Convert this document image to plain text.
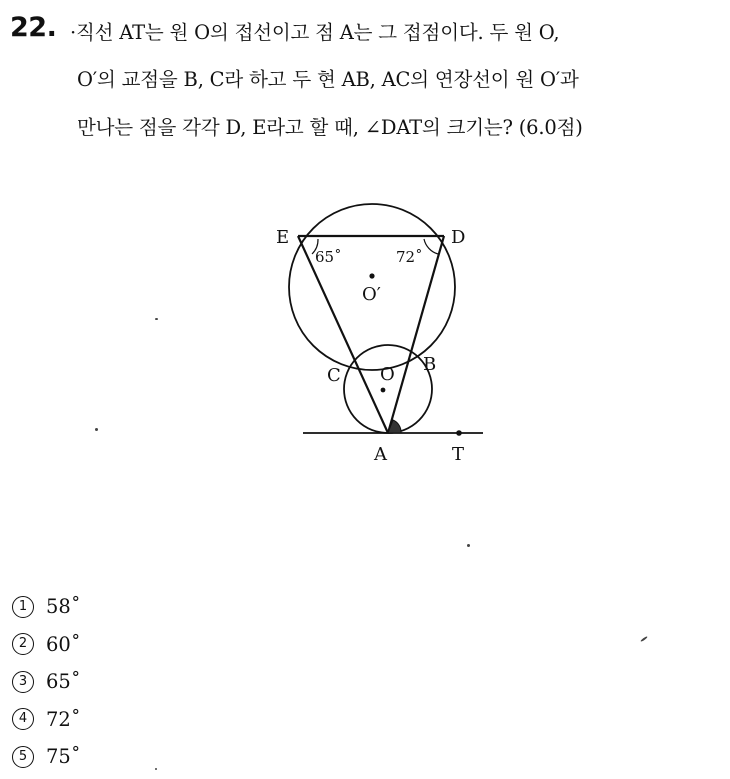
22. ·직선 AT는 원 O의 접선이고 점 A는 그 접점이다. 두 원 O,
O′의 교점을 B, C라 하고 두 현 AB, AC의 연장선이 원 O′과
만나는 점을 각각 D, E라고 할 때, ∠DAT의 크기는? (6.0점)
E	D
O′
C O B
A	T
65˚	72˚
1 58˚
2 60˚
3 65˚
4 72˚
5 75˚
